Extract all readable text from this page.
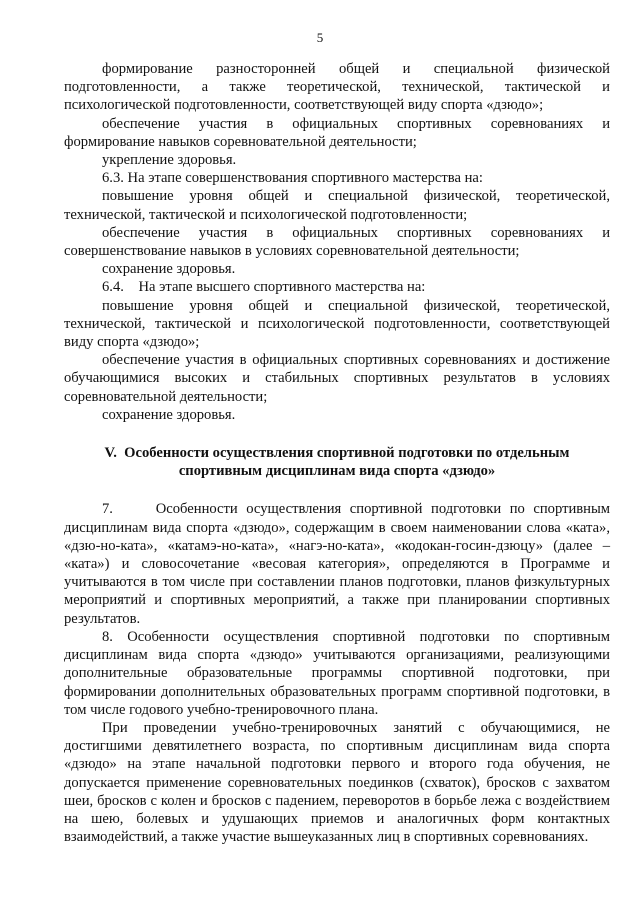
5

формирование разносторонней общей и специальной физической подготовленности, а также теоретической, технической, тактической и психологической подготовленности, соответствующей виду спорта «дзюдо»;

обеспечение участия в официальных спортивных соревнованиях и формирование навыков соревновательной деятельности;

укрепление здоровья.

6.3. На этапе совершенствования спортивного мастерства на:

повышение уровня общей и специальной физической, теоретической, технической, тактической и психологической подготовленности;

обеспечение участия в официальных спортивных соревнованиях и совершенствование навыков в условиях соревновательной деятельности;

сохранение здоровья.

6.4.    На этапе высшего спортивного мастерства на:

повышение уровня общей и специальной физической, теоретической, технической, тактической и психологической подготовленности, соответствующей виду спорта «дзюдо»;

обеспечение участия в официальных спортивных соревнованиях и достижение обучающимися высоких и стабильных спортивных результатов в условиях соревновательной деятельности;

сохранение здоровья.

V.  Особенности осуществления спортивной подготовки по отдельным спортивным дисциплинам вида спорта «дзюдо»

7.     Особенности осуществления спортивной подготовки по спортивным дисциплинам вида спорта «дзюдо», содержащим в своем наименовании слова «ката», «дзю-но-ката», «катамэ-но-ката», «нагэ-но-ката», «кодокан-госин-дзюцу» (далее – «ката») и словосочетание «весовая категория», определяются в Программе и учитываются в том числе при составлении планов подготовки, планов физкультурных мероприятий и спортивных мероприятий, а также при планировании спортивных результатов.

8. Особенности осуществления спортивной подготовки по спортивным дисциплинам вида спорта «дзюдо» учитываются организациями, реализующими дополнительные образовательные программы спортивной подготовки, при формировании дополнительных образовательных программ спортивной подготовки, в том числе годового учебно-тренировочного плана.

При проведении учебно-тренировочных занятий с обучающимися, не достигшими девятилетнего возраста, по спортивным дисциплинам вида спорта «дзюдо» на этапе начальной подготовки первого и второго года обучения, не допускается применение соревновательных поединков (схваток), бросков с захватом шеи, бросков с колен и бросков с падением, переворотов в борьбе лежа с воздействием на шею, болевых и удушающих приемов и аналогичных форм контактных взаимодействий, а также участие вышеуказанных лиц в спортивных соревнованиях.
